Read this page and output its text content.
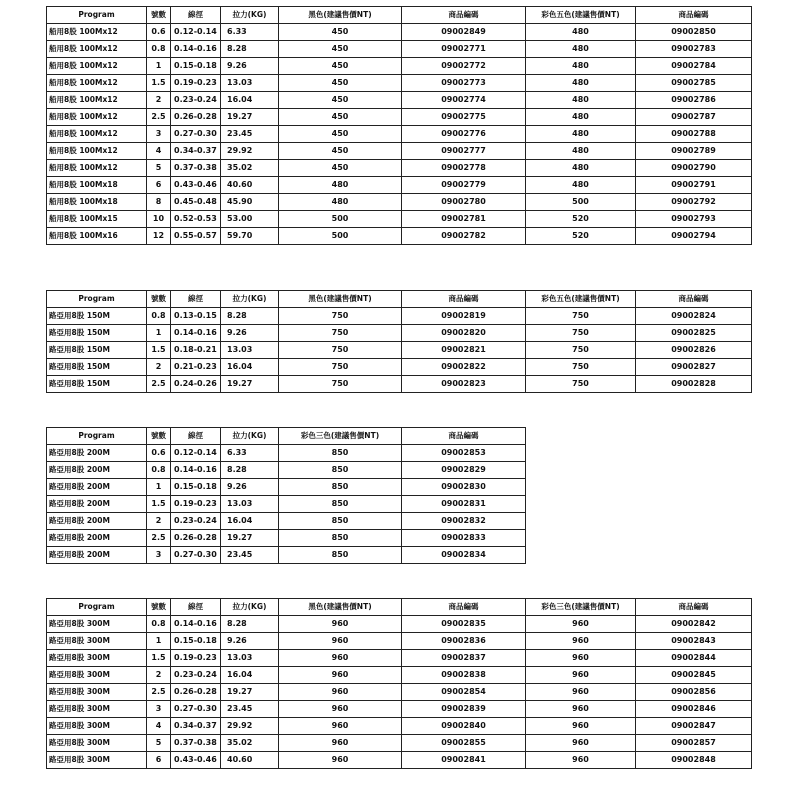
Program	號數	線徑	拉力(KG)	黑色(建議售價NT)	商品編碼	彩色五色(建議售價NT)	商品編碼
船用8股 100Mx12	0.6	0.12-0.14	6.33	450	09002849	480	09002850
船用8股 100Mx12	0.8	0.14-0.16	8.28	450	09002771	480	09002783
船用8股 100Mx12	1	0.15-0.18	9.26	450	09002772	480	09002784
船用8股 100Mx12	1.5	0.19-0.23	13.03	450	09002773	480	09002785
船用8股 100Mx12	2	0.23-0.24	16.04	450	09002774	480	09002786
船用8股 100Mx12	2.5	0.26-0.28	19.27	450	09002775	480	09002787
船用8股 100Mx12	3	0.27-0.30	23.45	450	09002776	480	09002788
船用8股 100Mx12	4	0.34-0.37	29.92	450	09002777	480	09002789
船用8股 100Mx12	5	0.37-0.38	35.02	450	09002778	480	09002790
船用8股 100Mx18	6	0.43-0.46	40.60	480	09002779	480	09002791
船用8股 100Mx18	8	0.45-0.48	45.90	480	09002780	500	09002792
船用8股 100Mx15	10	0.52-0.53	53.00	500	09002781	520	09002793
船用8股 100Mx16	12	0.55-0.57	59.70	500	09002782	520	09002794
Program	號數	線徑	拉力(KG)	黑色(建議售價NT)	商品編碼	彩色五色(建議售價NT)	商品編碼
路亞用8股 150M	0.8	0.13-0.15	8.28	750	09002819	750	09002824
路亞用8股 150M	1	0.14-0.16	9.26	750	09002820	750	09002825
路亞用8股 150M	1.5	0.18-0.21	13.03	750	09002821	750	09002826
路亞用8股 150M	2	0.21-0.23	16.04	750	09002822	750	09002827
路亞用8股 150M	2.5	0.24-0.26	19.27	750	09002823	750	09002828
Program	號數	線徑	拉力(KG)	彩色三色(建議售價NT)	商品編碼
路亞用8股 200M	0.6	0.12-0.14	6.33	850	09002853
路亞用8股 200M	0.8	0.14-0.16	8.28	850	09002829
路亞用8股 200M	1	0.15-0.18	9.26	850	09002830
路亞用8股 200M	1.5	0.19-0.23	13.03	850	09002831
路亞用8股 200M	2	0.23-0.24	16.04	850	09002832
路亞用8股 200M	2.5	0.26-0.28	19.27	850	09002833
路亞用8股 200M	3	0.27-0.30	23.45	850	09002834
Program	號數	線徑	拉力(KG)	黑色(建議售價NT)	商品編碼	彩色三色(建議售價NT)	商品編碼
路亞用8股 300M	0.8	0.14-0.16	8.28	960	09002835	960	09002842
路亞用8股 300M	1	0.15-0.18	9.26	960	09002836	960	09002843
路亞用8股 300M	1.5	0.19-0.23	13.03	960	09002837	960	09002844
路亞用8股 300M	2	0.23-0.24	16.04	960	09002838	960	09002845
路亞用8股 300M	2.5	0.26-0.28	19.27	960	09002854	960	09002856
路亞用8股 300M	3	0.27-0.30	23.45	960	09002839	960	09002846
路亞用8股 300M	4	0.34-0.37	29.92	960	09002840	960	09002847
路亞用8股 300M	5	0.37-0.38	35.02	960	09002855	960	09002857
路亞用8股 300M	6	0.43-0.46	40.60	960	09002841	960	09002848
